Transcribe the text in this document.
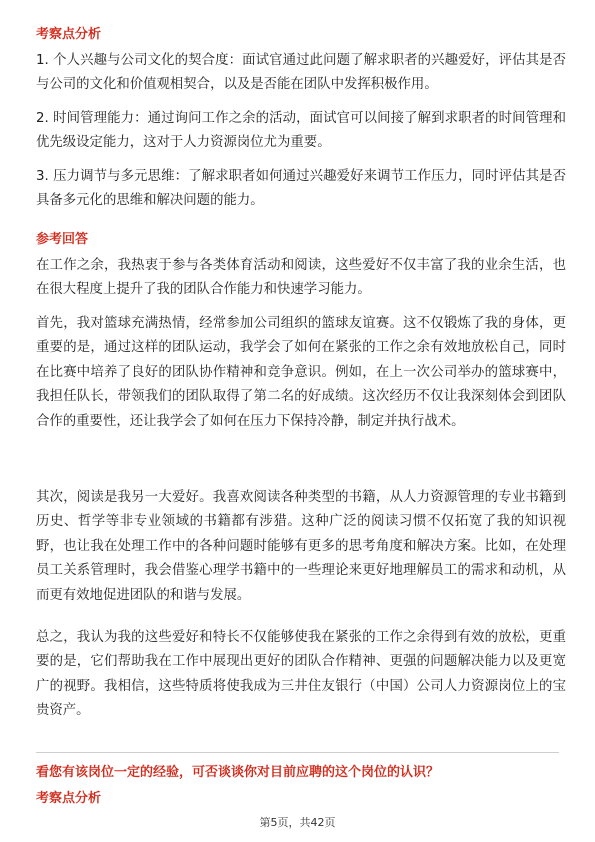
考察点分析
1. 个人兴趣与公司文化的契合度：面试官通过此问题了解求职者的兴趣爱好，评估其是否与公司的文化和价值观相契合，以及是否能在团队中发挥积极作用。
2. 时间管理能力：通过询问工作之余的活动，面试官可以间接了解到求职者的时间管理和优先级设定能力，这对于人力资源岗位尤为重要。
3. 压力调节与多元思维：了解求职者如何通过兴趣爱好来调节工作压力，同时评估其是否具备多元化的思维和解决问题的能力。
参考回答
在工作之余，我热衷于参与各类体育活动和阅读，这些爱好不仅丰富了我的业余生活，也在很大程度上提升了我的团队合作能力和快速学习能力。
首先，我对篮球充满热情，经常参加公司组织的篮球友谊赛。这不仅锻炼了我的身体，更重要的是，通过这样的团队运动，我学会了如何在紧张的工作之余有效地放松自己，同时在比赛中培养了良好的团队协作精神和竞争意识。例如，在上一次公司举办的篮球赛中，我担任队长，带领我们的团队取得了第二名的好成绩。这次经历不仅让我深刻体会到团队合作的重要性，还让我学会了如何在压力下保持冷静，制定并执行战术。
其次，阅读是我另一大爱好。我喜欢阅读各种类型的书籍，从人力资源管理的专业书籍到历史、哲学等非专业领域的书籍都有涉猎。这种广泛的阅读习惯不仅拓宽了我的知识视野，也让我在处理工作中的各种问题时能够有更多的思考角度和解决方案。比如，在处理员工关系管理时，我会借鉴心理学书籍中的一些理论来更好地理解员工的需求和动机，从而更有效地促进团队的和谐与发展。
总之，我认为我的这些爱好和特长不仅能够使我在紧张的工作之余得到有效的放松，更重要的是，它们帮助我在工作中展现出更好的团队合作精神、更强的问题解决能力以及更宽广的视野。我相信，这些特质将使我成为三井住友银行（中国）公司人力资源岗位上的宝贵资产。
看您有该岗位一定的经验，可否谈谈你对目前应聘的这个岗位的认识？
考察点分析
第5页，共42页
